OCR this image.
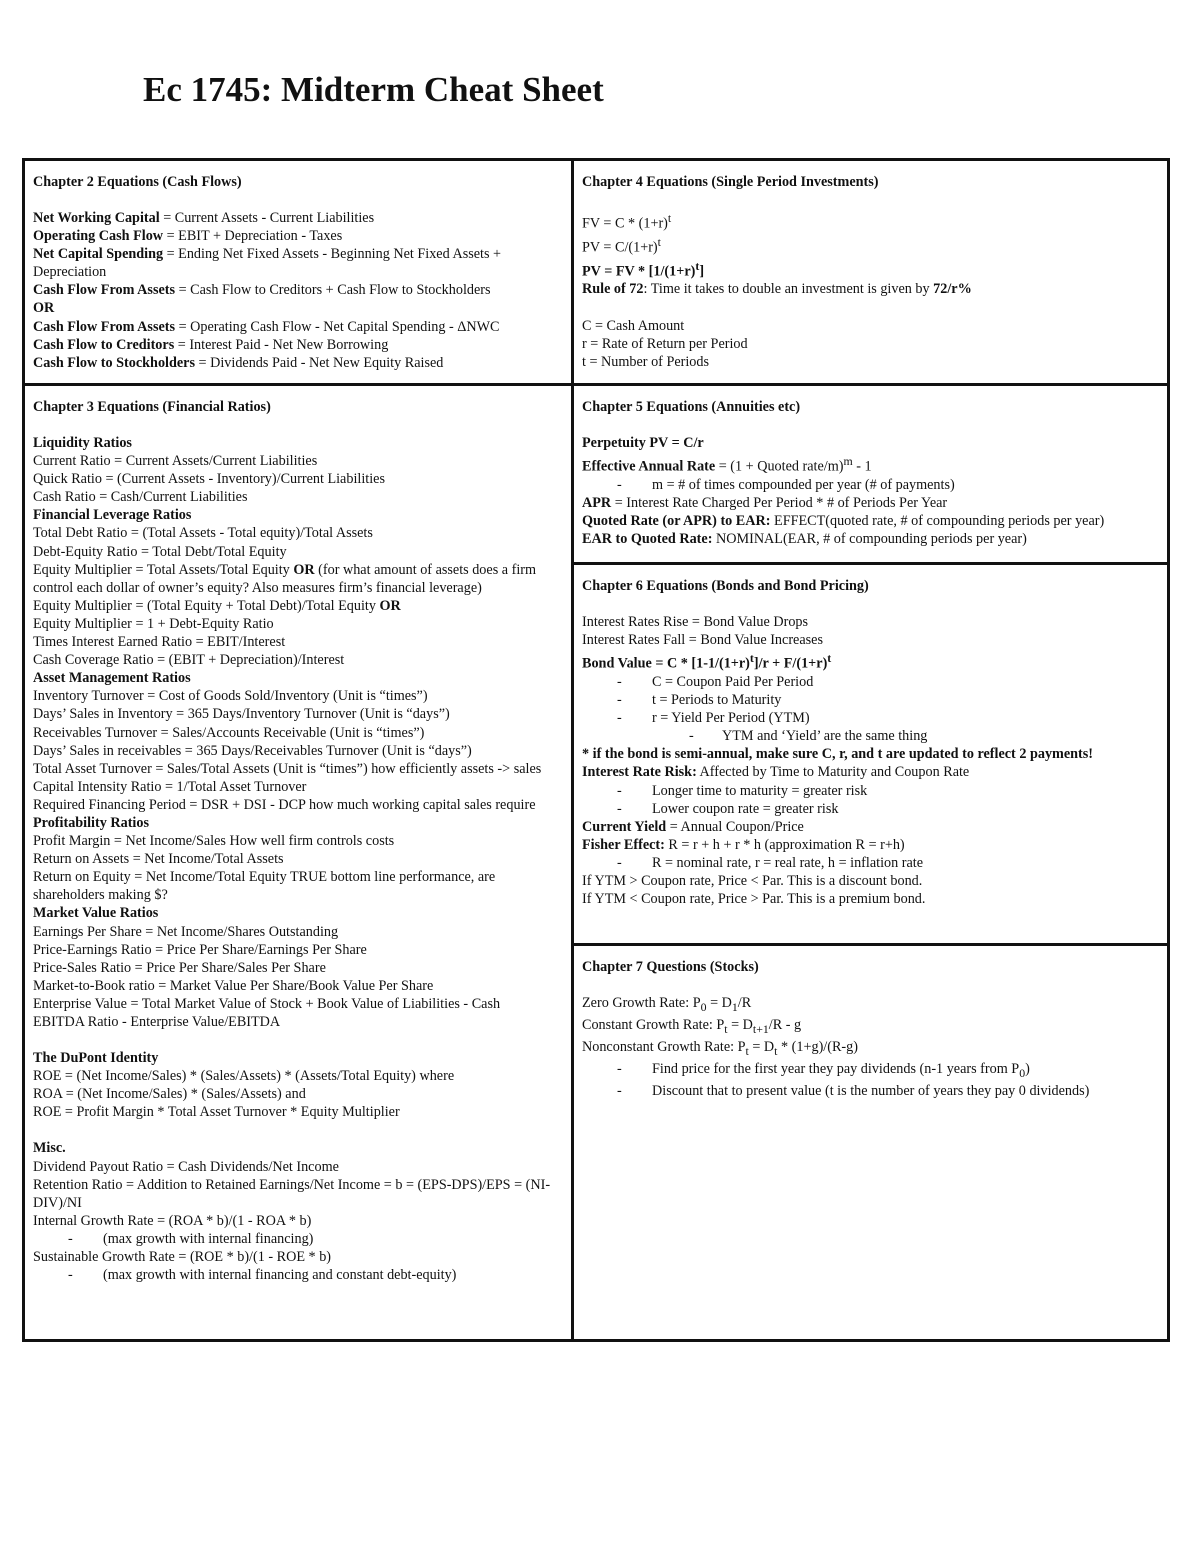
Ec 1745: Midterm Cheat Sheet
Chapter 2 Equations (Cash Flows)
Net Working Capital = Current Assets - Current Liabilities
Operating Cash Flow = EBIT + Depreciation - Taxes
Net Capital Spending = Ending Net Fixed Assets - Beginning Net Fixed Assets + Depreciation
Cash Flow From Assets = Cash Flow to Creditors + Cash Flow to Stockholders
OR
Cash Flow From Assets = Operating Cash Flow - Net Capital Spending - ΔNWC
Cash Flow to Creditors = Interest Paid - Net New Borrowing
Cash Flow to Stockholders = Dividends Paid - Net New Equity Raised
Chapter 4 Equations (Single Period Investments)
FV = $C * (1+r)^t$
PV = $C/(1+r)^t$
PV = FV * $[1/(1+r)^t]$
Rule of 72: Time it takes to double an investment is given by 72/r%
C = Cash Amount
r = Rate of Return per Period
t = Number of Periods
Chapter 3 Equations (Financial Ratios)
Liquidity Ratios
Current Ratio = Current Assets/Current Liabilities
Quick Ratio = (Current Assets - Inventory)/Current Liabilities
Cash Ratio = Cash/Current Liabilities
Financial Leverage Ratios
Total Debt Ratio = (Total Assets - Total equity)/Total Assets
Debt-Equity Ratio = Total Debt/Total Equity
Equity Multiplier = Total Assets/Total Equity OR (for what amount of assets does a firm control each dollar of owner’s equity? Also measures firm’s financial leverage)
Equity Multiplier = (Total Equity + Total Debt)/Total Equity OR
Equity Multiplier = 1 + Debt-Equity Ratio
Times Interest Earned Ratio = EBIT/Interest
Cash Coverage Ratio = (EBIT + Depreciation)/Interest
Asset Management Ratios
Inventory Turnover = Cost of Goods Sold/Inventory (Unit is “times”)
Days’ Sales in Inventory = 365 Days/Inventory Turnover (Unit is “days”)
Receivables Turnover = Sales/Accounts Receivable (Unit is “times”)
Days’ Sales in receivables = 365 Days/Receivables Turnover (Unit is “days”)
Total Asset Turnover = Sales/Total Assets (Unit is “times”) how efficiently assets -> sales
Capital Intensity Ratio = 1/Total Asset Turnover
Required Financing Period = DSR + DSI - DCP how much working capital sales require
Profitability Ratios
Profit Margin = Net Income/Sales How well firm controls costs
Return on Assets = Net Income/Total Assets
Return on Equity = Net Income/Total Equity TRUE bottom line performance, are shareholders making $?
Market Value Ratios
Earnings Per Share = Net Income/Shares Outstanding
Price-Earnings Ratio = Price Per Share/Earnings Per Share
Price-Sales Ratio = Price Per Share/Sales Per Share
Market-to-Book ratio = Market Value Per Share/Book Value Per Share
Enterprise Value = Total Market Value of Stock + Book Value of Liabilities - Cash
EBITDA Ratio - Enterprise Value/EBITDA
The DuPont Identity
ROE = (Net Income/Sales) * (Sales/Assets) * (Assets/Total Equity) where
ROA = (Net Income/Sales) * (Sales/Assets) and
ROE = Profit Margin * Total Asset Turnover * Equity Multiplier
Misc.
Dividend Payout Ratio = Cash Dividends/Net Income
Retention Ratio = Addition to Retained Earnings/Net Income = b = (EPS-DPS)/EPS = (NI-DIV)/NI
Internal Growth Rate = (ROA * b)/(1 - ROA * b)
- (max growth with internal financing)
Sustainable Growth Rate = (ROE * b)/(1 - ROE * b)
- (max growth with internal financing and constant debt-equity)
Chapter 5 Equations (Annuities etc)
Perpetuity PV = C/r
Effective Annual Rate = (1 + Quoted rate/m)$^m$ - 1
- m = # of times compounded per year (# of payments)
APR = Interest Rate Charged Per Period * # of Periods Per Year
Quoted Rate (or APR) to EAR: EFFECT(quoted rate, # of compounding periods per year)
EAR to Quoted Rate: NOMINAL(EAR, # of compounding periods per year)
Chapter 6 Equations (Bonds and Bond Pricing)
Interest Rates Rise = Bond Value Drops
Interest Rates Fall = Bond Value Increases
Bond Value = $C * [1-1/(1+r)^t]/r + F/(1+r)^t$
- C = Coupon Paid Per Period
- t = Periods to Maturity
- r = Yield Per Period (YTM)
- YTM and ‘Yield’ are the same thing
* if the bond is semi-annual, make sure C, r, and t are updated to reflect 2 payments!
Interest Rate Risk: Affected by Time to Maturity and Coupon Rate
- Longer time to maturity = greater risk
- Lower coupon rate = greater risk
Current Yield = Annual Coupon/Price
Fisher Effect: R = r + h + r * h (approximation R = r+h)
- R = nominal rate, r = real rate, h = inflation rate
If YTM > Coupon rate, Price < Par. This is a discount bond.
If YTM < Coupon rate, Price > Par. This is a premium bond.
Chapter 7 Questions (Stocks)
Zero Growth Rate: $P_0 = D_1/R$
Constant Growth Rate: $P_t = D_{t+1}/R - g$
Nonconstant Growth Rate: $P_t = D_t * (1+g)/(R-g)$
- Find price for the first year they pay dividends (n-1 years from $P_0$)
- Discount that to present value (t is the number of years they pay 0 dividends)
